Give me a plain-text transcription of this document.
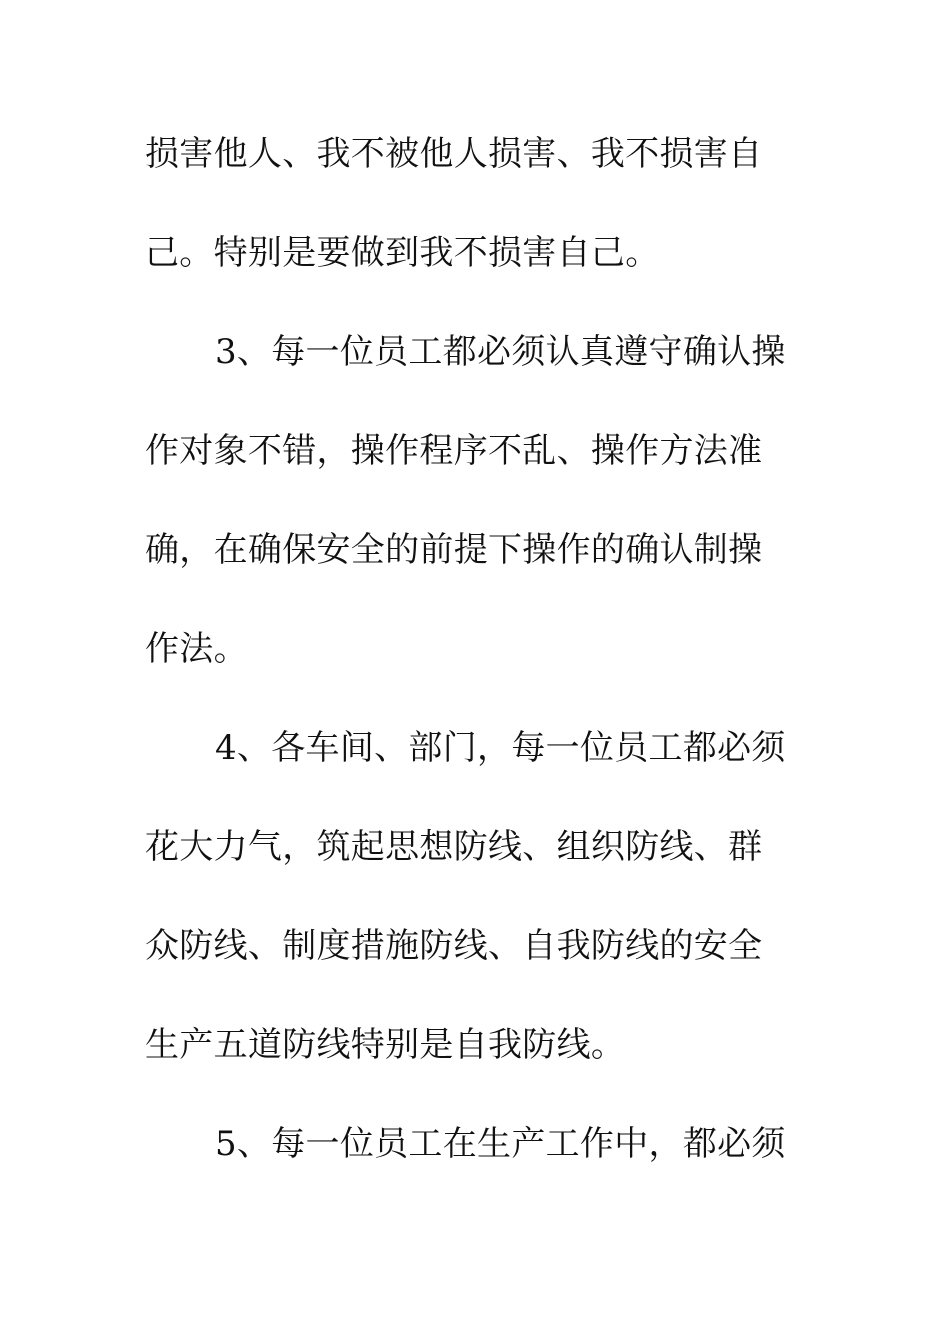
损害他人、我不被他人损害、我不损害自
己。特别是要做到我不损害自己。
3、每一位员工都必须认真遵守确认操
作对象不错，操作程序不乱、操作方法准
确，在确保安全的前提下操作的确认制操
作法。
4、各车间、部门，每一位员工都必须
花大力气，筑起思想防线、组织防线、群
众防线、制度措施防线、自我防线的安全
生产五道防线特别是自我防线。
5、每一位员工在生产工作中，都必须
